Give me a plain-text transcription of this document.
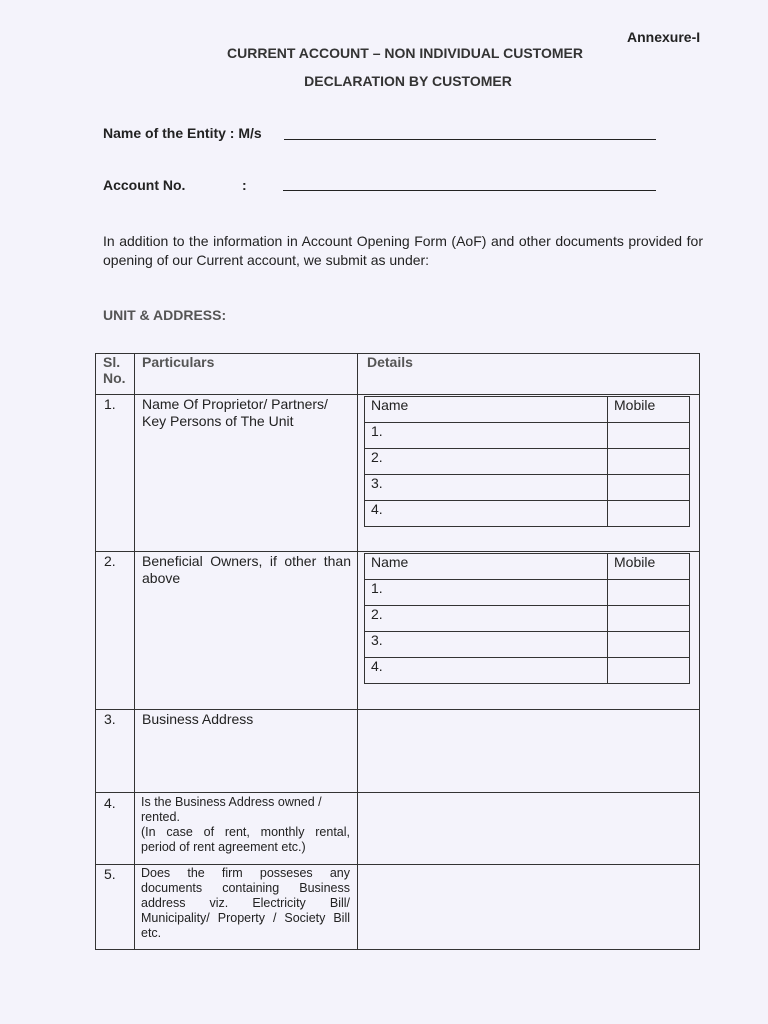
Annexure-I
CURRENT ACCOUNT – NON INDIVIDUAL CUSTOMER
DECLARATION BY CUSTOMER
Name of the Entity : M/s
Account No.	:
In addition to the information in Account Opening Form (AoF) and other documents provided for opening of our Current account, we submit as under:
UNIT & ADDRESS:
Sl.
No.
Particulars	Details
1. Name Of Proprietor/ Partners/ Key Persons of The Unit
Name	Mobile
1.	
2.	
3.	
4.	
2. Beneficial Owners, if other than above
Name	Mobile
1.	
2.	
3.	
4.	
3. Business Address
4. Is the Business Address owned / rented.
(In case of rent, monthly rental, period of rent agreement etc.)
5. Does the firm posseses any documents containing Business address viz. Electricity Bill/ Municipality/ Property / Society Bill etc.
